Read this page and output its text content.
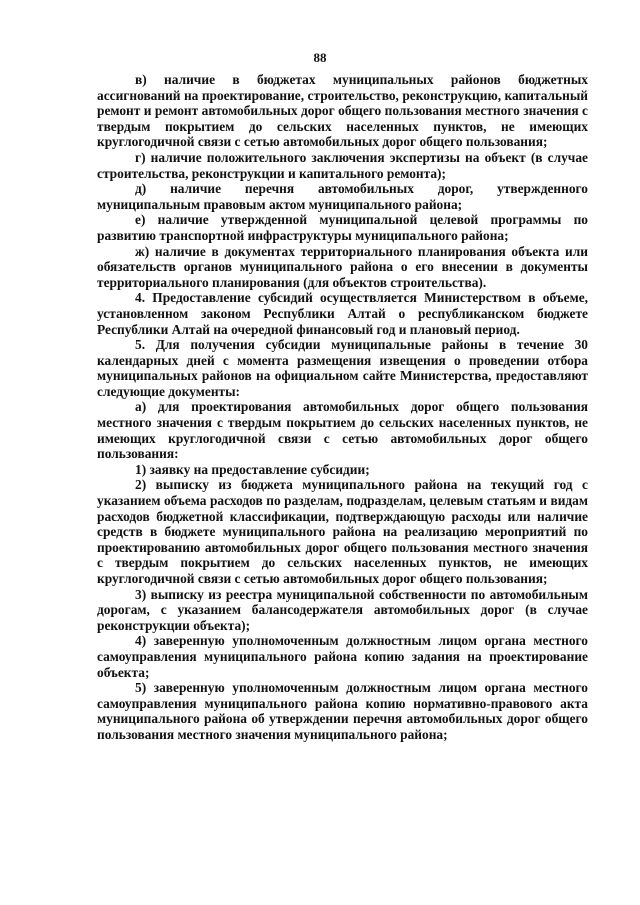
88

в) наличие в бюджетах муниципальных районов бюджетных ассигнований на проектирование, строительство, реконструкцию, капитальный ремонт и ремонт автомобильных дорог общего пользования местного значения с твердым покрытием до сельских населенных пунктов, не имеющих круглогодичной связи с сетью автомобильных дорог общего пользования;

г) наличие положительного заключения экспертизы на объект (в случае строительства, реконструкции и капитального ремонта);

д) наличие перечня автомобильных дорог, утвержденного муниципальным правовым актом муниципального района;

е) наличие утвержденной муниципальной целевой программы по развитию транспортной инфраструктуры муниципального района;

ж) наличие в документах территориального планирования объекта или обязательств органов муниципального района о его внесении в документы территориального планирования (для объектов строительства).

4. Предоставление субсидий осуществляется Министерством в объеме, установленном законом Республики Алтай о республиканском бюджете Республики Алтай на очередной финансовый год и плановый период.

5. Для получения субсидии муниципальные районы в течение 30 календарных дней с момента размещения извещения о проведении отбора муниципальных районов на официальном сайте Министерства, предоставляют следующие документы:

а) для проектирования автомобильных дорог общего пользования местного значения с твердым покрытием до сельских населенных пунктов, не имеющих круглогодичной связи с сетью автомобильных дорог общего пользования:

1) заявку на предоставление субсидии;

2) выписку из бюджета муниципального района на текущий год с указанием объема расходов по разделам, подразделам, целевым статьям и видам расходов бюджетной классификации, подтверждающую расходы или наличие средств в бюджете муниципального района на реализацию мероприятий по проектированию автомобильных дорог общего пользования местного значения с твердым покрытием до сельских населенных пунктов, не имеющих круглогодичной связи с сетью автомобильных дорог общего пользования;

3) выписку из реестра муниципальной собственности по автомобильным дорогам, с указанием балансодержателя автомобильных дорог (в случае реконструкции объекта);

4) заверенную уполномоченным должностным лицом органа местного самоуправления муниципального района копию задания на проектирование объекта;

5) заверенную уполномоченным должностным лицом органа местного самоуправления муниципального района копию нормативно-правового акта муниципального района об утверждении перечня автомобильных дорог общего пользования местного значения муниципального района;
